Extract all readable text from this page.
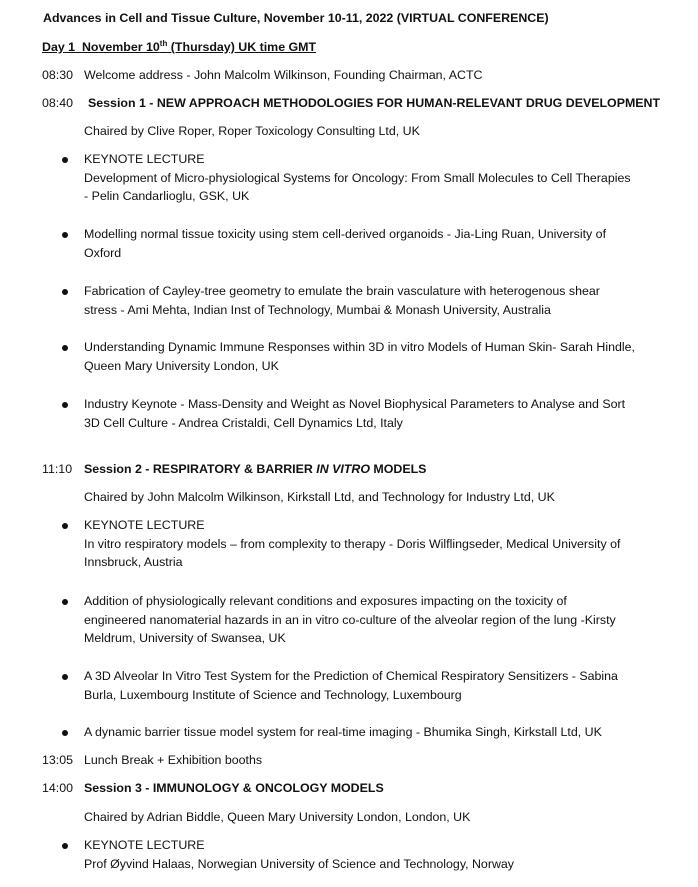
Advances in Cell and Tissue Culture, November 10-11, 2022 (VIRTUAL CONFERENCE)
Day 1 November 10th (Thursday) UK time GMT
08:30 Welcome address - John Malcolm Wilkinson, Founding Chairman, ACTC
08:40 Session 1 - NEW APPROACH METHODOLOGIES FOR HUMAN-RELEVANT DRUG DEVELOPMENT
Chaired by Clive Roper, Roper Toxicology Consulting Ltd, UK
KEYNOTE LECTURE
Development of Micro-physiological Systems for Oncology: From Small Molecules to Cell Therapies
- Pelin Candarlioglu, GSK, UK
Modelling normal tissue toxicity using stem cell-derived organoids - Jia-Ling Ruan, University of
Oxford
Fabrication of Cayley-tree geometry to emulate the brain vasculature with heterogenous shear
stress - Ami Mehta, Indian Inst of Technology, Mumbai & Monash University, Australia
Understanding Dynamic Immune Responses within 3D in vitro Models of Human Skin- Sarah Hindle,
Queen Mary University London, UK
Industry Keynote - Mass-Density and Weight as Novel Biophysical Parameters to Analyse and Sort
3D Cell Culture - Andrea Cristaldi, Cell Dynamics Ltd, Italy
11:10 Session 2 - RESPIRATORY & BARRIER IN VITRO MODELS
Chaired by John Malcolm Wilkinson, Kirkstall Ltd, and Technology for Industry Ltd, UK
KEYNOTE LECTURE
In vitro respiratory models – from complexity to therapy - Doris Wilflingseder, Medical University of
Innsbruck, Austria
Addition of physiologically relevant conditions and exposures impacting on the toxicity of
engineered nanomaterial hazards in an in vitro co-culture of the alveolar region of the lung -Kirsty
Meldrum, University of Swansea, UK
A 3D Alveolar In Vitro Test System for the Prediction of Chemical Respiratory Sensitizers - Sabina
Burla, Luxembourg Institute of Science and Technology, Luxembourg
A dynamic barrier tissue model system for real-time imaging - Bhumika Singh, Kirkstall Ltd, UK
13:05 Lunch Break + Exhibition booths
14:00 Session 3 - IMMUNOLOGY & ONCOLOGY MODELS
Chaired by Adrian Biddle, Queen Mary University London, London, UK
KEYNOTE LECTURE
Prof Øyvind Halaas, Norwegian University of Science and Technology, Norway
